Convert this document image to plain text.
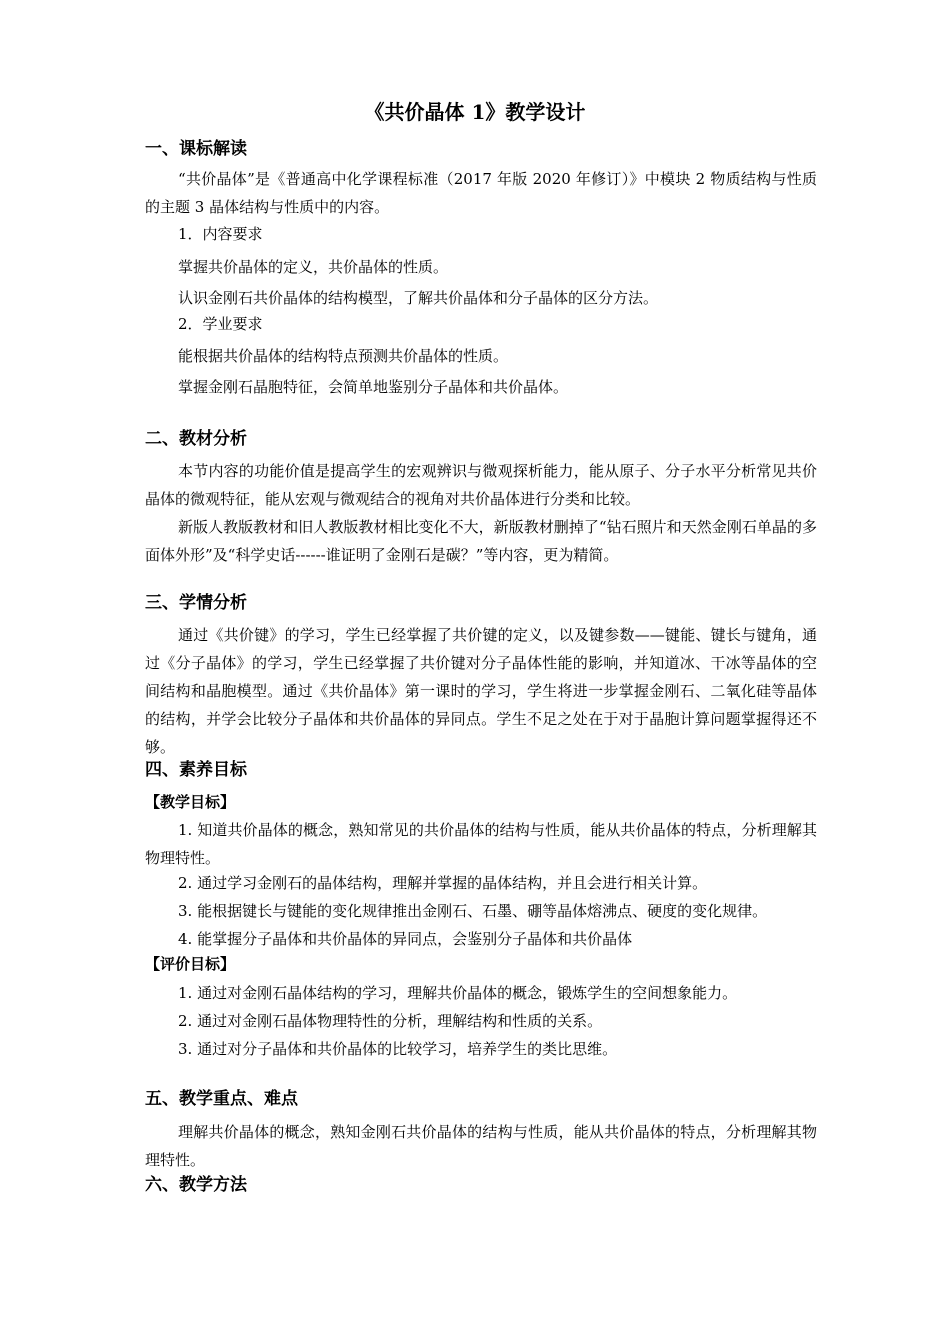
《共价晶体 1》教学设计
一、课标解读
“共价晶体”是《普通高中化学课程标准（2017 年版 2020 年修订）》中模块 2 物质结构与性质的主题 3 晶体结构与性质中的内容。
1．内容要求
掌握共价晶体的定义，共价晶体的性质。
认识金刚石共价晶体的结构模型，了解共价晶体和分子晶体的区分方法。
2．学业要求
能根据共价晶体的结构特点预测共价晶体的性质。
掌握金刚石晶胞特征，会简单地鉴别分子晶体和共价晶体。
二、教材分析
本节内容的功能价值是提高学生的宏观辨识与微观探析能力，能从原子、分子水平分析常见共价晶体的微观特征，能从宏观与微观结合的视角对共价晶体进行分类和比较。
新版人教版教材和旧人教版教材相比变化不大，新版教材删掉了“钻石照片和天然金刚石单晶的多面体外形”及“科学史话------谁证明了金刚石是碳？”等内容，更为精简。
三、学情分析
通过《共价键》的学习，学生已经掌握了共价键的定义，以及键参数——键能、键长与键角，通过《分子晶体》的学习，学生已经掌握了共价键对分子晶体性能的影响，并知道冰、干冰等晶体的空间结构和晶胞模型。通过《共价晶体》第一课时的学习，学生将进一步掌握金刚石、二氧化硅等晶体的结构，并学会比较分子晶体和共价晶体的异同点。学生不足之处在于对于晶胞计算问题掌握得还不够。
四、素养目标
【教学目标】
1. 知道共价晶体的概念，熟知常见的共价晶体的结构与性质，能从共价晶体的特点，分析理解其物理特性。
2. 通过学习金刚石的晶体结构，理解并掌握的晶体结构，并且会进行相关计算。
3. 能根据键长与键能的变化规律推出金刚石、石墨、硼等晶体熔沸点、硬度的变化规律。
4. 能掌握分子晶体和共价晶体的异同点，会鉴别分子晶体和共价晶体
【评价目标】
1. 通过对金刚石晶体结构的学习，理解共价晶体的概念，锻炼学生的空间想象能力。
2. 通过对金刚石晶体物理特性的分析，理解结构和性质的关系。
3. 通过对分子晶体和共价晶体的比较学习，培养学生的类比思维。
五、教学重点、难点
理解共价晶体的概念，熟知金刚石共价晶体的结构与性质，能从共价晶体的特点，分析理解其物理特性。
六、教学方法
